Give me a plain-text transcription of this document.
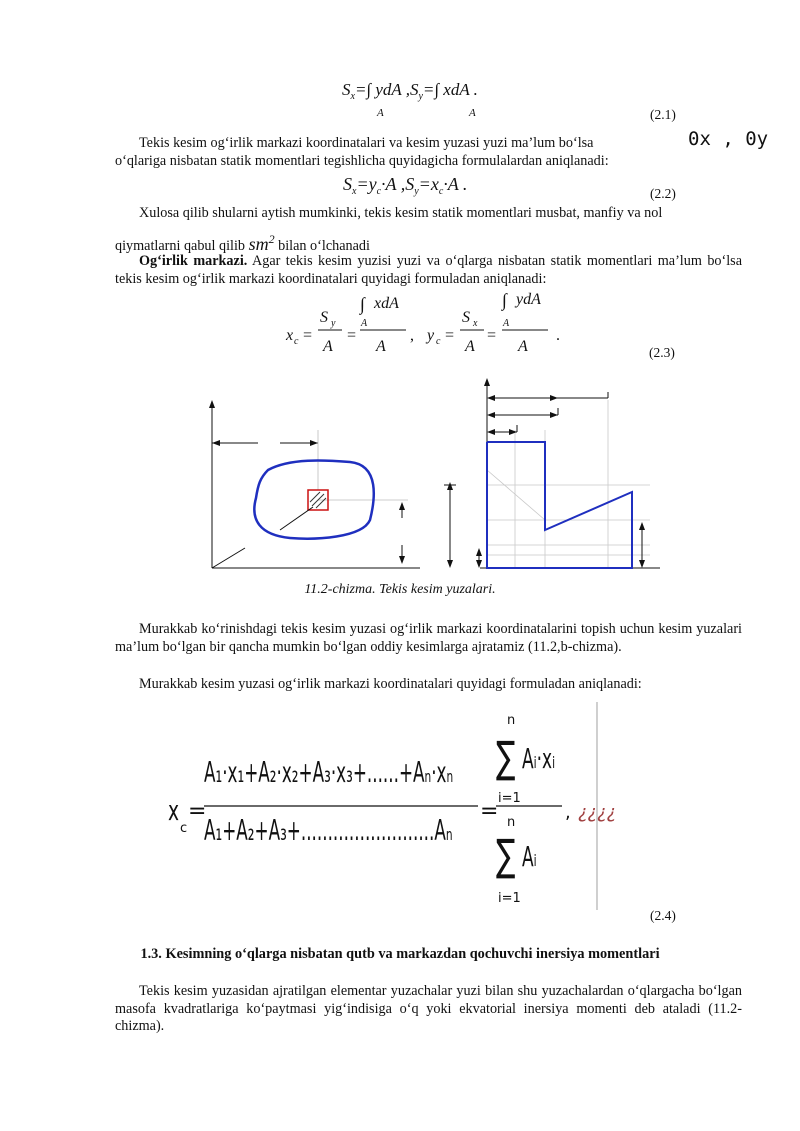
$S_x=\int$ ydA $,S_y=\int$ xdA .
A	A	(2.1)
Tekis kesim og‘irlik markazi koordinatalari va kesim yuzasi yuzi ma’lum bo‘lsa	0x , 0y
o‘qlariga nisbatan statik momentlari tegishlicha quyidagicha formulalardan aniqlanadi:
$S_x=y_c\cdot A$ $,S_y=x_c\cdot A$ .	(2.2)
Xulosa qilib shularni aytish mumkinki, tekis kesim statik momentlari musbat, manfiy va nol
qiymatlarni qabul qilib $sm^2$ bilan o‘lchanadi
Og‘irlik markazi. Agar tekis kesim yuzisi yuzi va o‘qlarga nisbatan statik momentlari ma’lum bo‘lsa tekis kesim og‘irlik markazi koordinatalari quyidagi formuladan aniqlanadi:
x c =
S y
A
=
∫ xdA
A
A
, y c =
S x
A
=
∫ ydA
A
A
.
(2.3)
11.2-chizma. Tekis kesim yuzalari.
Murakkab ko‘rinishdagi tekis kesim yuzasi og‘irlik markazi koordinatalarini topish uchun kesim yuzalari ma’lum bo‘lgan bir qancha mumkin bo‘lgan oddiy kesimlarga ajratamiz (11.2,b-chizma).
Murakkab kesim yuzasi og‘irlik markazi koordinatalari quyidagi formuladan aniqlanadi:
x
c
=
A₁·x₁+A₂·x₂+A₃·x₃+......+Aₙ·xₙ
A₁+A₂+A₃+.........................Aₙ
=
n
∑ Aᵢ·xᵢ
i=1
n
∑ Aᵢ
i=1
, ¿¿¿¿
(2.4)
1.3. Kesimning o‘qlarga nisbatan qutb va markazdan qochuvchi inersiya momentlari
Tekis kesim yuzasidan ajratilgan elementar yuzachalar yuzi bilan shu yuzachalardan o‘qlargacha bo‘lgan masofa kvadratlariga ko‘paytmasi yig‘indisiga o‘q yoki ekvatorial inersiya momenti deb ataladi (11.2-chizma).
